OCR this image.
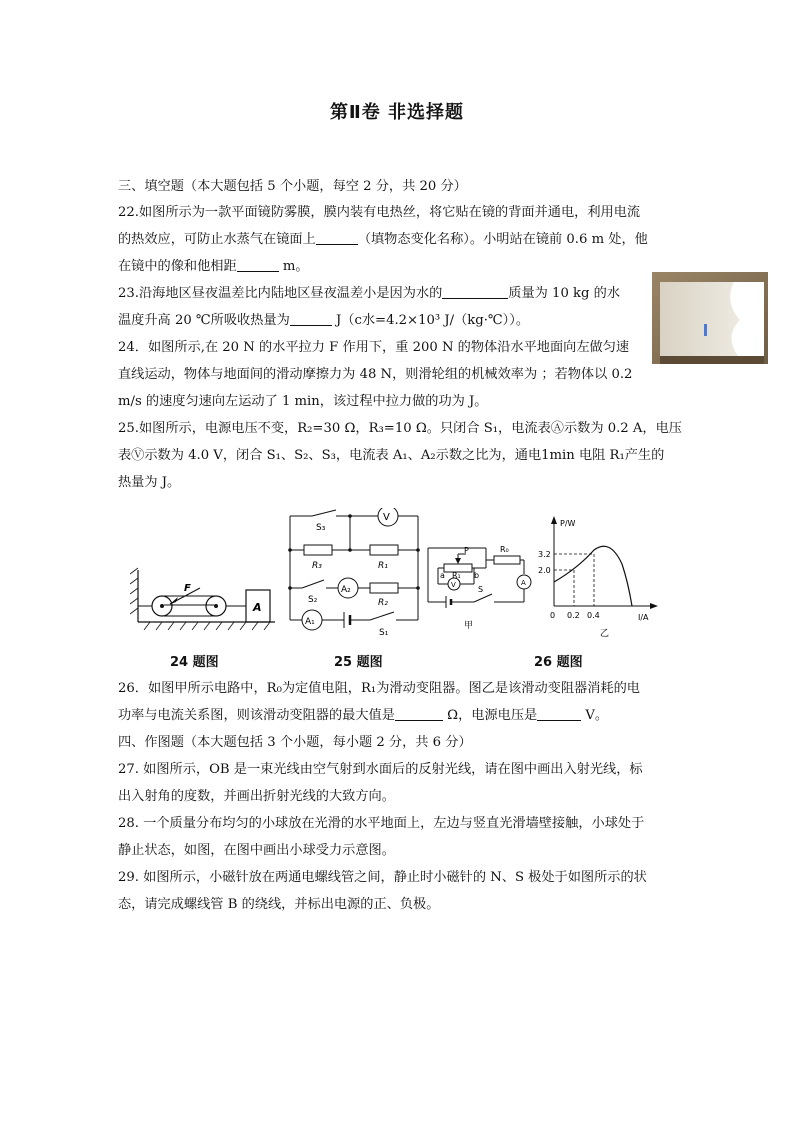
第Ⅱ卷 非选择题
三、填空题（本大题包括 5 个小题，每空 2 分，共 20 分）
22.如图所示为一款平面镜防雾膜，膜内装有电热丝，将它贴在镜的背面并通电，利用电流
的热效应，可防止水蒸气在镜面上	（填物态变化名称）。小明站在镜前 0.6 m 处，他
在镜中的像和他相距	m。
23.沿海地区昼夜温差比内陆地区昼夜温差小是因为水的	质量为 10 kg 的水
温度升高 20 ℃所吸收热量为	J（c水=4.2×10³ J/（kg·℃））。
24．如图所示,在 20 N 的水平拉力 F 作用下，重 200 N 的物体沿水平地面向左做匀速
直线运动，物体与地面间的滑动摩擦力为 48 N，则滑轮组的机械效率为 ；若物体以 0.2
m/s 的速度匀速向左运动了 1 min，该过程中拉力做的功为 J。
25.如图所示，电源电压不变，R₂=30 Ω，R₃=10 Ω。只闭合 S₁，电流表Ⓐ示数为 0.2 A，电压
表Ⓥ示数为 4.0 V，闭合 S₁、S₂、S₃，电流表 A₁、A₂示数之比为，通电1min 电阻 R₁产生的
热量为 J。
F
A
24 题图
S₃
V
R₃	R₁
S₂
A₂
R₂
A₁
S₁
25 题图
P	R₀
a R₁ b
V	A
S
甲
P/W
I/A
3.2
2.0
0 0.2 0.4
乙
26 题图
26．如图甲所示电路中，R₀为定值电阻，R₁为滑动变阻器。图乙是该滑动变阻器消耗的电
功率与电流关系图，则该滑动变阻器的最大值是	Ω，电源电压是	V。
四、作图题（本大题包括 3 个小题，每小题 2 分，共 6 分）
27. 如图所示，OB 是一束光线由空气射到水面后的反射光线，请在图中画出入射光线，标
出入射角的度数，并画出折射光线的大致方向。
28. 一个质量分布均匀的小球放在光滑的水平地面上，左边与竖直光滑墙壁接触，小球处于
静止状态，如图，在图中画出小球受力示意图。
29. 如图所示，小磁针放在两通电螺线管之间，静止时小磁针的 N、S 极处于如图所示的状
态，请完成螺线管 B 的绕线，并标出电源的正、负极。
